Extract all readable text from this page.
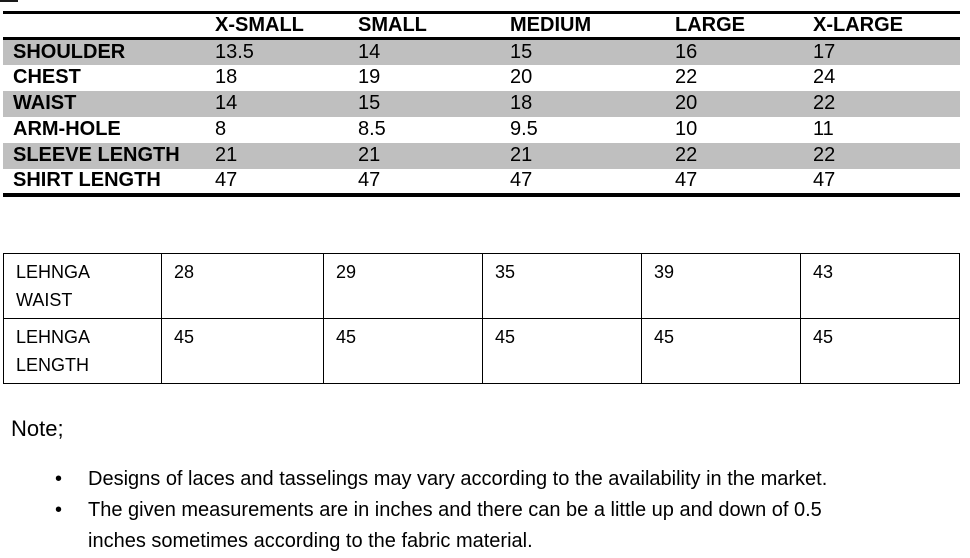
	X-SMALL	SMALL	MEDIUM	LARGE	X-LARGE
SHOULDER	13.5	14	15	16	17
CHEST	18	19	20	22	24
WAIST	14	15	18	20	22
ARM-HOLE	8	8.5	9.5	10	11
SLEEVE LENGTH	21	21	21	22	22
SHIRT LENGTH	47	47	47	47	47
LEHNGA WAIST	28	29	35	39	43
LEHNGA LENGTH	45	45	45	45	45
Note;
•	Designs of laces and tasselings may vary according to the availability in the market.
•	The given measurements are in inches and there can be a little up and down of 0.5 inches sometimes according to the fabric material.
